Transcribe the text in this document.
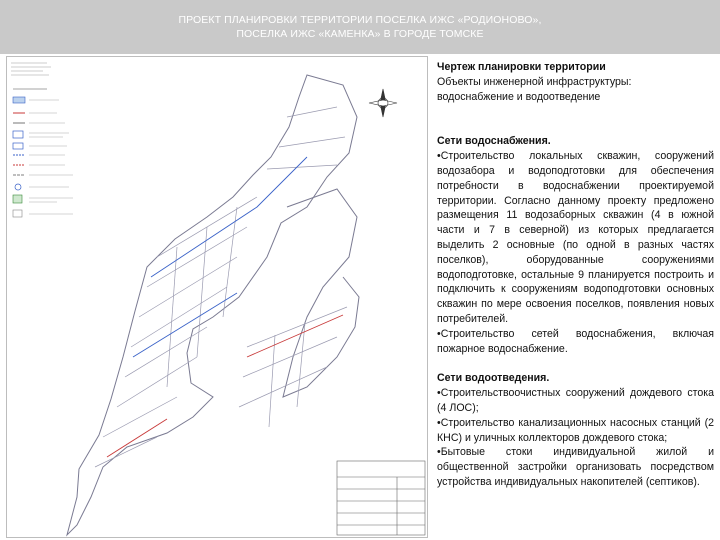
ПРОЕКТ ПЛАНИРОВКИ ТЕРРИТОРИИ ПОСЕЛКА ИЖС «РОДИОНОВО»,
ПОСЕЛКА ИЖС «КАМЕНКА» В ГОРОДЕ ТОМСКЕ
Чертеж планировки территории
Объекты инженерной инфраструктуры:
водоснабжение и водоотведение
Сети водоснабжения.
•Строительство локальных скважин, сооружений водозабора и водоподготовки для обеспечения потребности в водоснабжении проектируемой территории. Согласно данному проекту предложено размещения 11 водозаборных скважин (4 в южной части и 7 в северной) из которых предлагается выделить 2 основные (по одной в разных частях поселков), оборудованные сооружениями водоподготовке, остальные 9 планируется построить и подключить к сооружениям водоподготовки основных скважин по мере освоения поселков, появления новых потребителей.
•Строительство сетей водоснабжения, включая пожарное водоснабжение.
Сети водоотведения.
•Строительствоочистных сооружений дождевого стока (4 ЛОС);
•Строительство канализационных насосных станций (2 КНС) и уличных коллекторов дождевого стока;
•Бытовые стоки индивидуальной жилой и общественной застройки организовать посредством устройства индивидуальных накопителей (септиков).
